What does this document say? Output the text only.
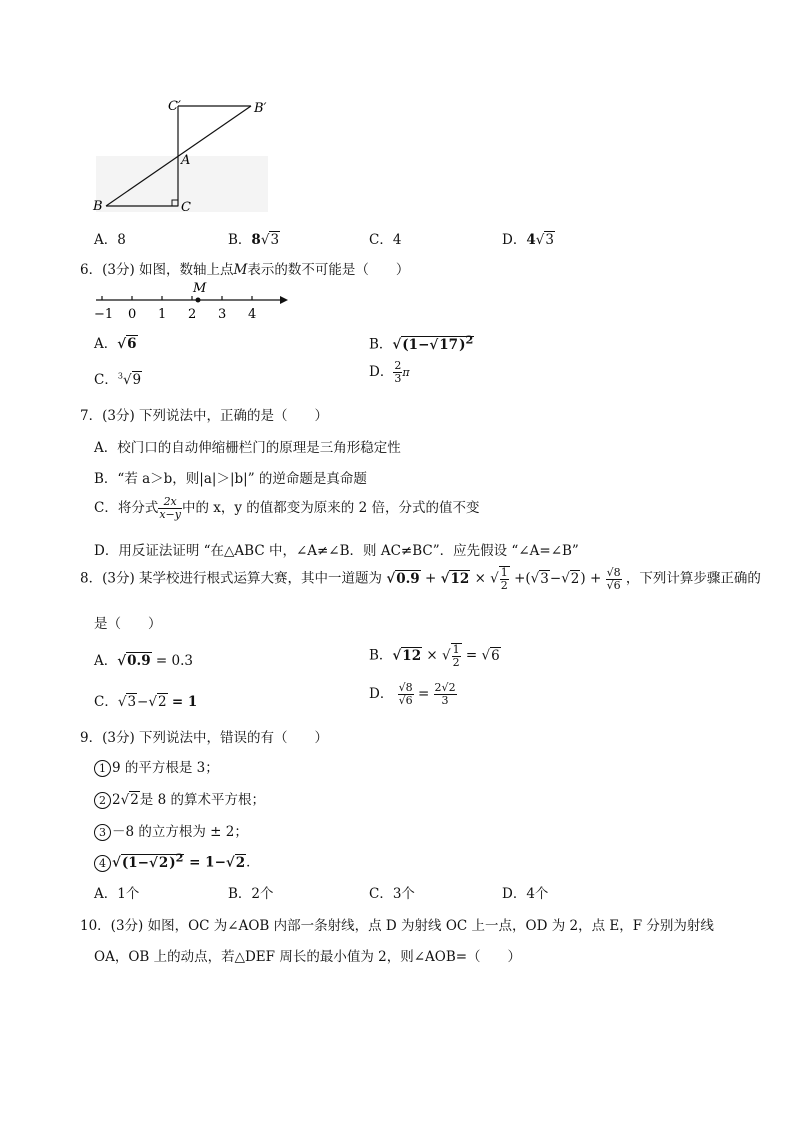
C′	B′
A
B	C
A．8	B．8√3	C．4	D．4√3
6．(3分) 如图，数轴上点M表示的数不可能是（　　）
−1 0 1 2 3 4
M
A．√6	B．$√(1-√17)^2$
C．$^3$√9	D． $\frac{2}{3}$ π
7．(3分) 下列说法中，正确的是（　　）
A．校门口的自动伸缩栅栏门的原理是三角形稳定性
B．“若 a＞b，则|a|＞|b|” 的逆命题是真命题
C．将分式 $\frac{2x}{x-y}$ 中的 x，y 的值都变为原来的 2 倍，分式的值不变
D．用反证法证明 “在△ABC 中，∠A≠∠B．则 AC≠BC”．应先假设 “∠A=∠B”
8．(3分) 某学校进行根式运算大赛，其中一道题为 √0.9 + √12 × √ $\frac{1}{2} +(√3-√2) + \frac{√8}{√6}$ ，下列计算步骤正确的
是（　　）
A．√0.9 = 0.3	B．√12 × √ $\frac{1}{2} = √6$
C．√3−√2 = 1	D． $\frac{√8}{√6} = \frac{2√2}{3}$
9．(3分) 下列说法中，错误的有（　　）
1 9 的平方根是 3；
2 2√2是 8 的算术平方根；
3 －8 的立方根为 ± 2；
4 $√(1-√2)^2 = 1-√2$．
A．1个	B．2个	C．3个	D．4个
10．(3分) 如图，OC 为∠AOB 内部一条射线，点 D 为射线 OC 上一点，OD 为 2，点 E，F 分别为射线
OA，OB 上的动点，若△DEF 周长的最小值为 2，则∠AOB=（　　）
